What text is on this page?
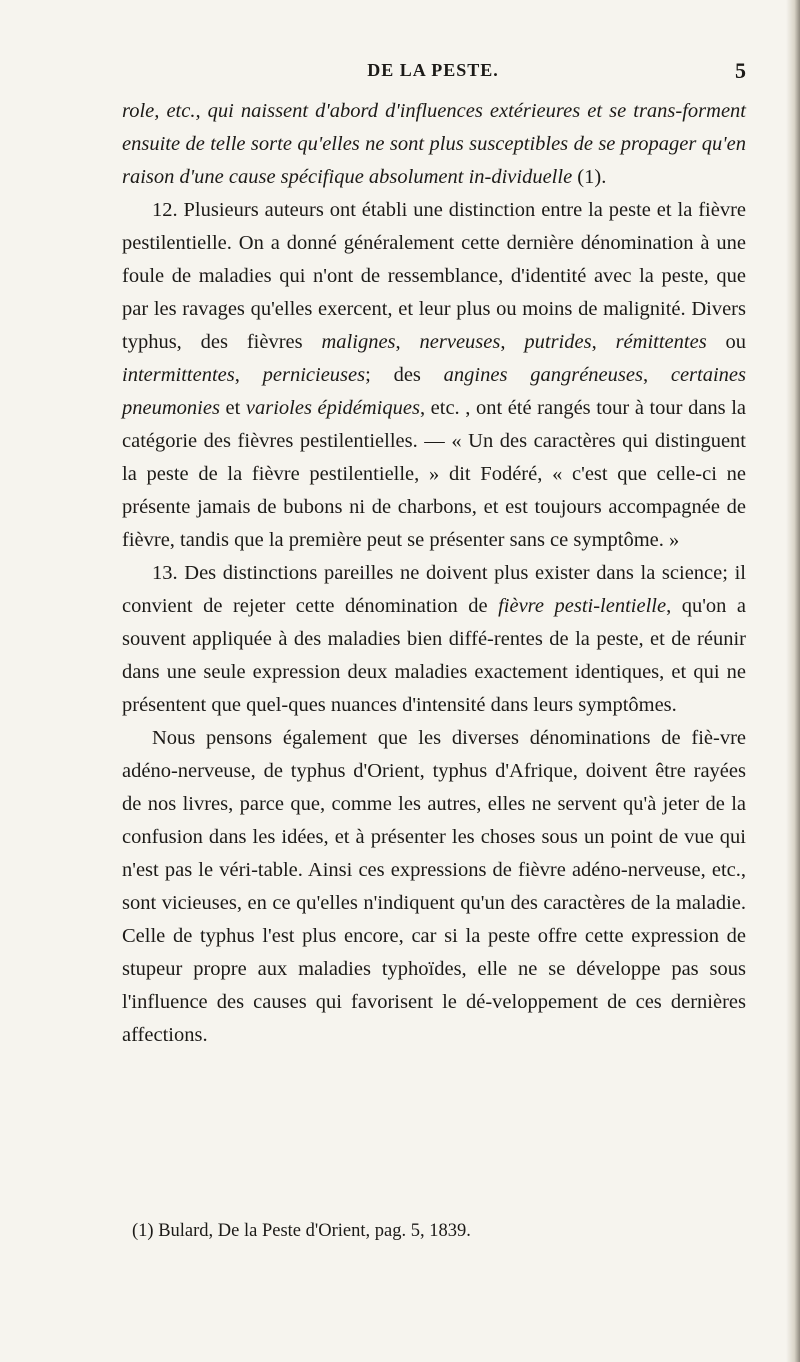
DE LA PESTE.	5

role, etc., qui naissent d'abord d'influences extérieures et se trans-forment ensuite de telle sorte qu'elles ne sont plus susceptibles de se propager qu'en raison d'une cause spécifique absolument in-dividuelle (1).

12. Plusieurs auteurs ont établi une distinction entre la peste et la fièvre pestilentielle. On a donné généralement cette dernière dénomination à une foule de maladies qui n'ont de ressemblance, d'identité avec la peste, que par les ravages qu'elles exercent, et leur plus ou moins de malignité. Divers typhus, des fièvres malignes, nerveuses, putrides, rémittentes ou intermittentes, pernicieuses; des angines gangréneuses, certaines pneumonies et varioles épidémiques, etc. , ont été rangés tour à tour dans la catégorie des fièvres pestilentielles. — « Un des caractères qui distinguent la peste de la fièvre pestilentielle, » dit Fodéré, « c'est que celle-ci ne présente jamais de bubons ni de charbons, et est toujours accompagnée de fièvre, tandis que la première peut se présenter sans ce symptôme. »

13. Des distinctions pareilles ne doivent plus exister dans la science; il convient de rejeter cette dénomination de fièvre pesti-lentielle, qu'on a souvent appliquée à des maladies bien diffé-rentes de la peste, et de réunir dans une seule expression deux maladies exactement identiques, et qui ne présentent que quel-ques nuances d'intensité dans leurs symptômes.

Nous pensons également que les diverses dénominations de fiè-vre adéno-nerveuse, de typhus d'Orient, typhus d'Afrique, doivent être rayées de nos livres, parce que, comme les autres, elles ne servent qu'à jeter de la confusion dans les idées, et à présenter les choses sous un point de vue qui n'est pas le véri-table. Ainsi ces expressions de fièvre adéno-nerveuse, etc., sont vicieuses, en ce qu'elles n'indiquent qu'un des caractères de la maladie. Celle de typhus l'est plus encore, car si la peste offre cette expression de stupeur propre aux maladies typhoïdes, elle ne se développe pas sous l'influence des causes qui favorisent le dé-veloppement de ces dernières affections.

(1) Bulard, De la Peste d'Orient, pag. 5, 1839.
